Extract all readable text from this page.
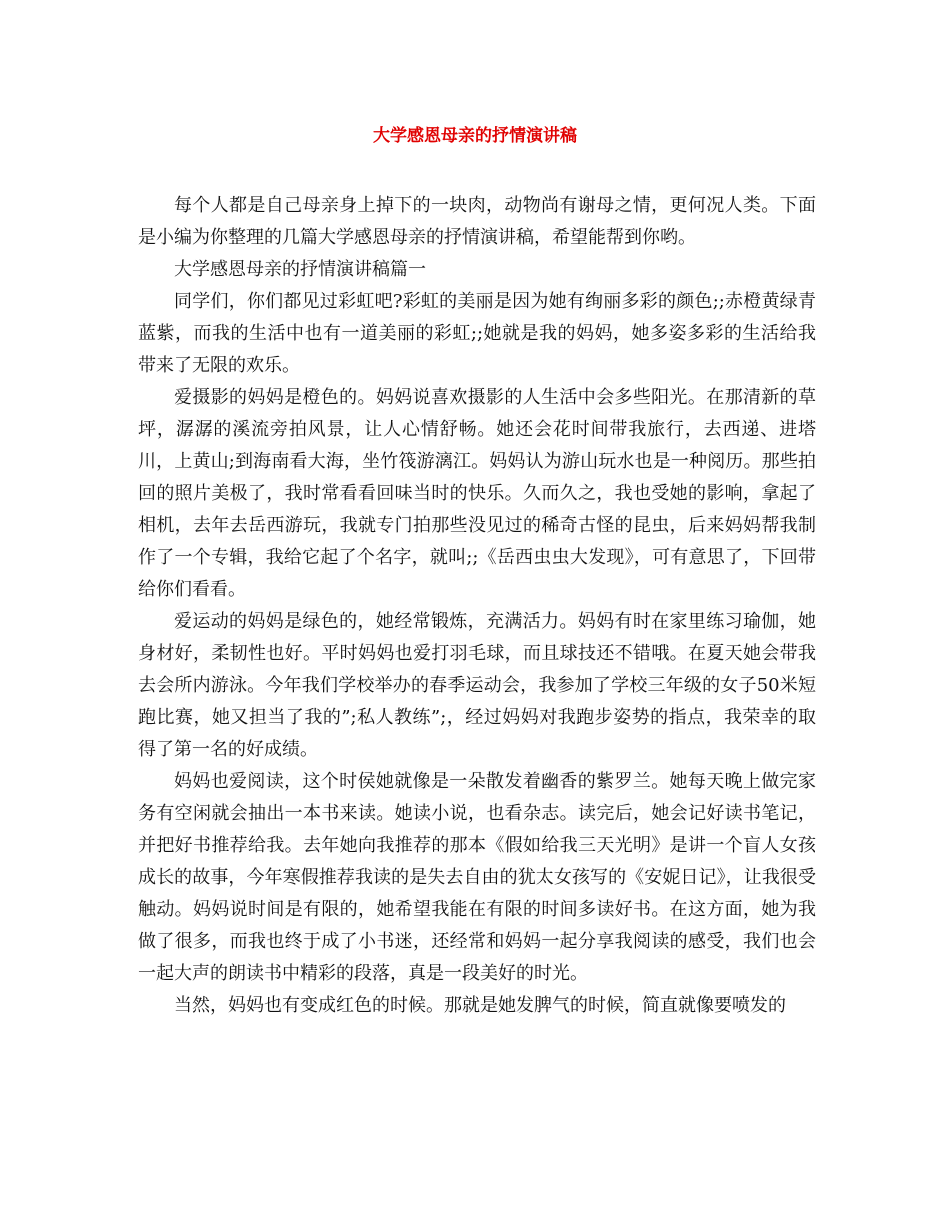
大学感恩母亲的抒情演讲稿

每个人都是自己母亲身上掉下的一块肉，动物尚有谢母之情，更何况人类。下面是小编为你整理的几篇大学感恩母亲的抒情演讲稿，希望能帮到你哟。

大学感恩母亲的抒情演讲稿篇一

同学们，你们都见过彩虹吧?彩虹的美丽是因为她有绚丽多彩的颜色;;赤橙黄绿青蓝紫，而我的生活中也有一道美丽的彩虹;;她就是我的妈妈，她多姿多彩的生活给我带来了无限的欢乐。

爱摄影的妈妈是橙色的。妈妈说喜欢摄影的人生活中会多些阳光。在那清新的草坪，潺潺的溪流旁拍风景，让人心情舒畅。她还会花时间带我旅行，去西递、进塔川，上黄山;到海南看大海，坐竹筏游漓江。妈妈认为游山玩水也是一种阅历。那些拍回的照片美极了，我时常看看回味当时的快乐。久而久之，我也受她的影响，拿起了相机，去年去岳西游玩，我就专门拍那些没见过的稀奇古怪的昆虫，后来妈妈帮我制作了一个专辑，我给它起了个名字，就叫;;《岳西虫虫大发现》，可有意思了，下回带给你们看看。

爱运动的妈妈是绿色的，她经常锻炼，充满活力。妈妈有时在家里练习瑜伽，她身材好，柔韧性也好。平时妈妈也爱打羽毛球，而且球技还不错哦。在夏天她会带我去会所内游泳。今年我们学校举办的春季运动会，我参加了学校三年级的女子50米短跑比赛，她又担当了我的”;私人教练”;，经过妈妈对我跑步姿势的指点，我荣幸的取得了第一名的好成绩。

妈妈也爱阅读，这个时侯她就像是一朵散发着幽香的紫罗兰。她每天晚上做完家务有空闲就会抽出一本书来读。她读小说，也看杂志。读完后，她会记好读书笔记，并把好书推荐给我。去年她向我推荐的那本《假如给我三天光明》是讲一个盲人女孩成长的故事，今年寒假推荐我读的是失去自由的犹太女孩写的《安妮日记》，让我很受触动。妈妈说时间是有限的，她希望我能在有限的时间多读好书。在这方面，她为我做了很多，而我也终于成了小书迷，还经常和妈妈一起分享我阅读的感受，我们也会一起大声的朗读书中精彩的段落，真是一段美好的时光。

当然，妈妈也有变成红色的时候。那就是她发脾气的时候，简直就像要喷发的
